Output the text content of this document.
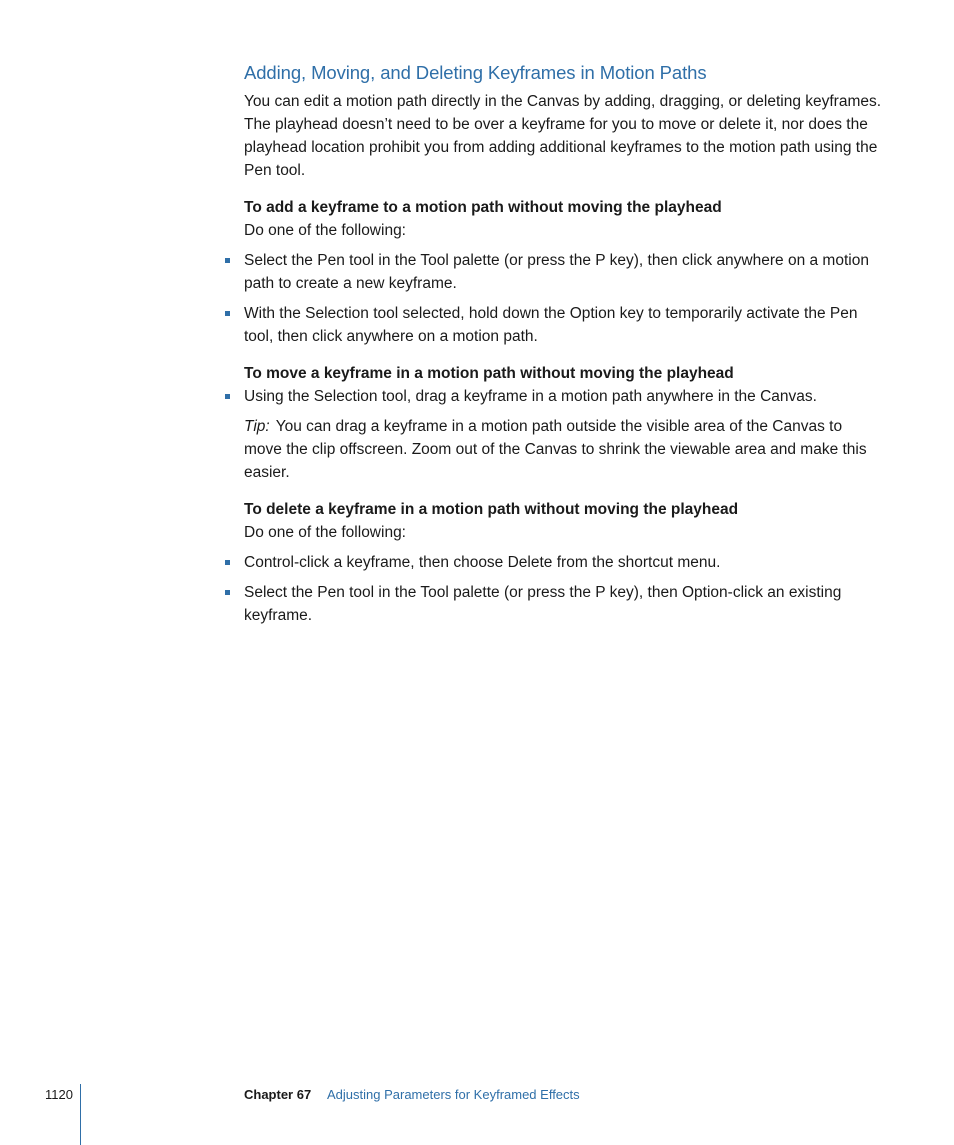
Adding, Moving, and Deleting Keyframes in Motion Paths

You can edit a motion path directly in the Canvas by adding, dragging, or deleting keyframes. The playhead doesn’t need to be over a keyframe for you to move or delete it, nor does the playhead location prohibit you from adding additional keyframes to the motion path using the Pen tool.

To add a keyframe to a motion path without moving the playhead

Do one of the following:

Select the Pen tool in the Tool palette (or press the P key), then click anywhere on a motion path to create a new keyframe.
With the Selection tool selected, hold down the Option key to temporarily activate the Pen tool, then click anywhere on a motion path.
To move a keyframe in a motion path without moving the playhead
Using the Selection tool, drag a keyframe in a motion path anywhere in the Canvas.

Tip: You can drag a keyframe in a motion path outside the visible area of the Canvas to move the clip offscreen. Zoom out of the Canvas to shrink the viewable area and make this easier.

To delete a keyframe in a motion path without moving the playhead

Do one of the following:

Control-click a keyframe, then choose Delete from the shortcut menu.
Select the Pen tool in the Tool palette (or press the P key), then Option-click an existing keyframe.
1120	Chapter 67 Adjusting Parameters for Keyframed Effects
